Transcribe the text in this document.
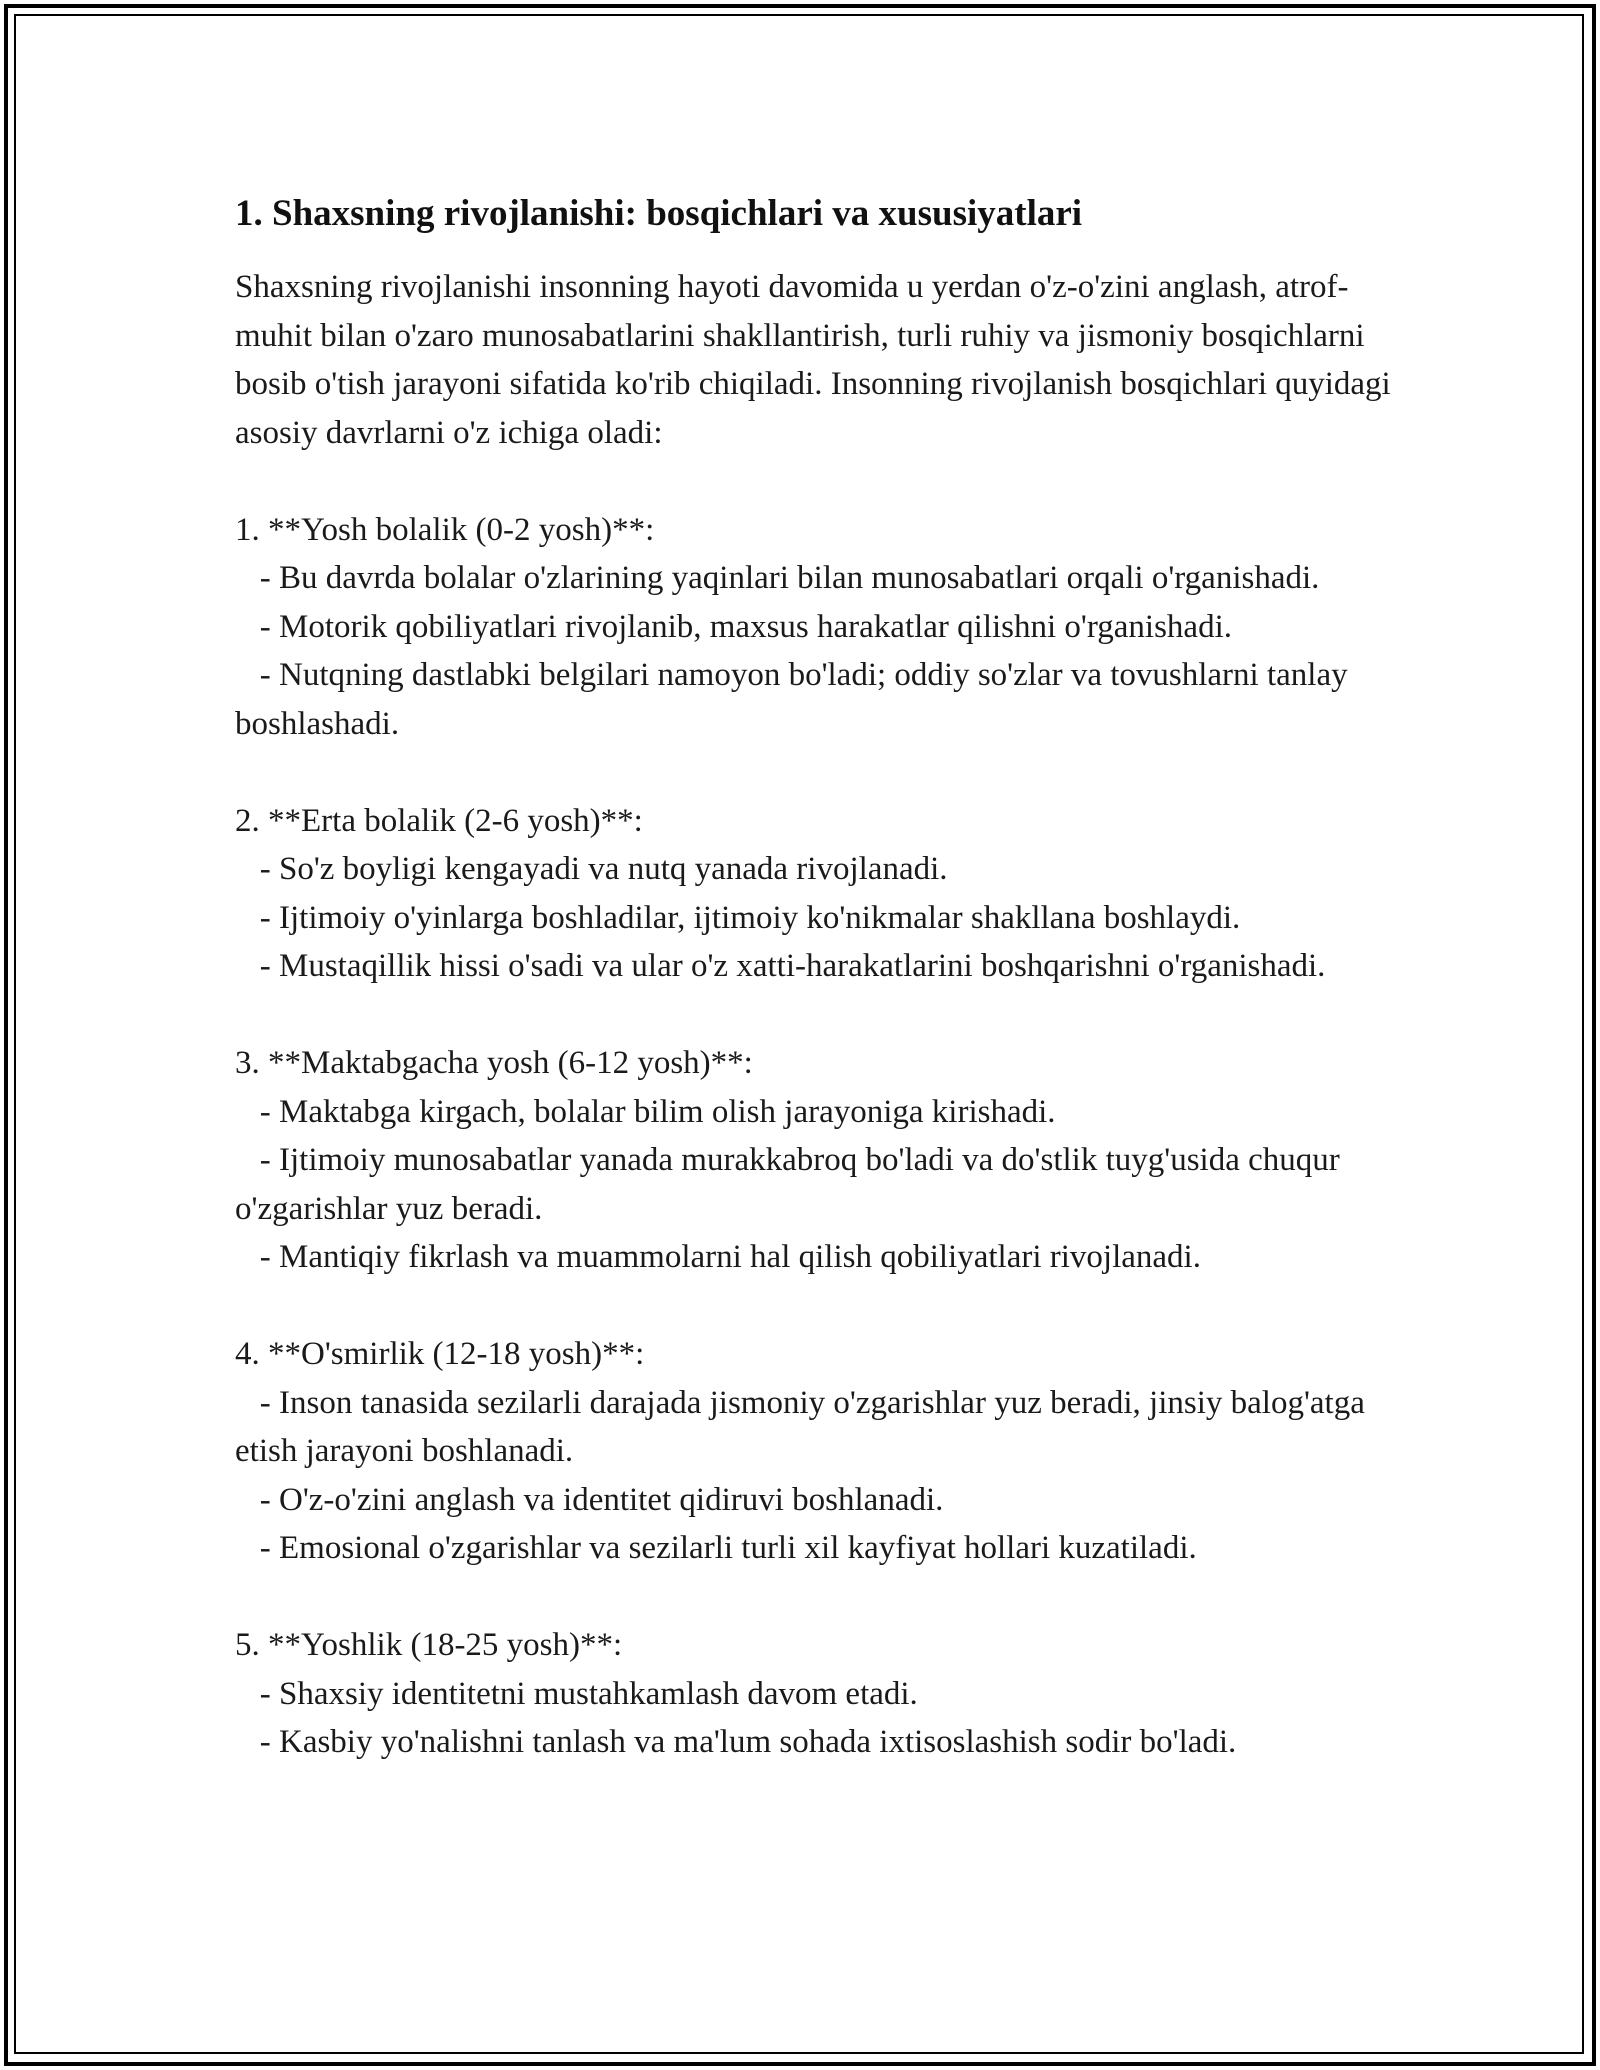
1. Shaxsning rivojlanishi: bosqichlari va xususiyatlari

Shaxsning rivojlanishi insonning hayoti davomida u yerdan o'z-o'zini anglash, atrof-muhit bilan o'zaro munosabatlarini shakllantirish, turli ruhiy va jismoniy bosqichlarni bosib o'tish jarayoni sifatida ko'rib chiqiladi. Insonning rivojlanish bosqichlari quyidagi asosiy davrlarni o'z ichiga oladi:

1. **Yosh bolalik (0-2 yosh)**:

- Bu davrda bolalar o'zlarining yaqinlari bilan munosabatlari orqali o'rganishadi.

- Motorik qobiliyatlari rivojlanib, maxsus harakatlar qilishni o'rganishadi.

- Nutqning dastlabki belgilari namoyon bo'ladi; oddiy so'zlar va tovushlarni tanlay boshlashadi.

2. **Erta bolalik (2-6 yosh)**:

- So'z boyligi kengayadi va nutq yanada rivojlanadi.

- Ijtimoiy o'yinlarga boshladilar, ijtimoiy ko'nikmalar shakllana boshlaydi.

- Mustaqillik hissi o'sadi va ular o'z xatti-harakatlarini boshqarishni o'rganishadi.

3. **Maktabgacha yosh (6-12 yosh)**:

- Maktabga kirgach, bolalar bilim olish jarayoniga kirishadi.

- Ijtimoiy munosabatlar yanada murakkabroq bo'ladi va do'stlik tuyg'usida chuqur o'zgarishlar yuz beradi.

- Mantiqiy fikrlash va muammolarni hal qilish qobiliyatlari rivojlanadi.

4. **O'smirlik (12-18 yosh)**:

- Inson tanasida sezilarli darajada jismoniy o'zgarishlar yuz beradi, jinsiy balog'atga etish jarayoni boshlanadi.

- O'z-o'zini anglash va identitet qidiruvi boshlanadi.

- Emosional o'zgarishlar va sezilarli turli xil kayfiyat hollari kuzatiladi.

5. **Yoshlik (18-25 yosh)**:

- Shaxsiy identitetni mustahkamlash davom etadi.

- Kasbiy yo'nalishni tanlash va ma'lum sohada ixtisoslashish sodir bo'ladi.
